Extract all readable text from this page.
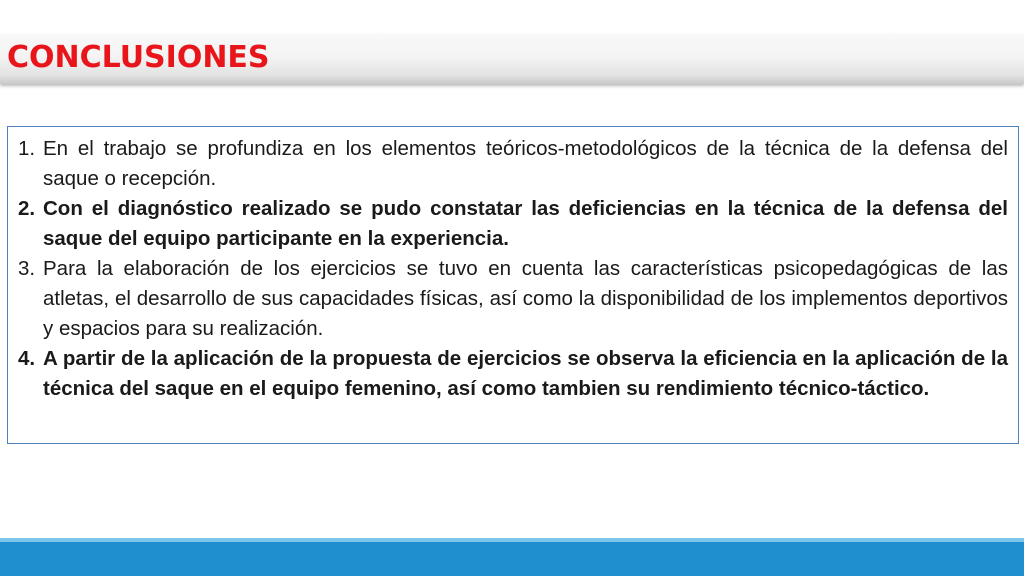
CONCLUSIONES
1. En el trabajo se profundiza en los elementos teóricos-metodológicos de la técnica de la defensa del saque o recepción.
2. Con el diagnóstico realizado se pudo constatar las deficiencias en la técnica de la defensa del saque del equipo participante en la experiencia.
3. Para la elaboración de los ejercicios se tuvo en cuenta las características psicopedagógicas de las atletas, el desarrollo de sus capacidades físicas, así como la disponibilidad de los implementos deportivos y espacios para su realización.
4. A partir de la aplicación de la propuesta de ejercicios se observa la eficiencia en la aplicación de la técnica del saque en el equipo femenino, así como tambien su rendimiento técnico-táctico.
